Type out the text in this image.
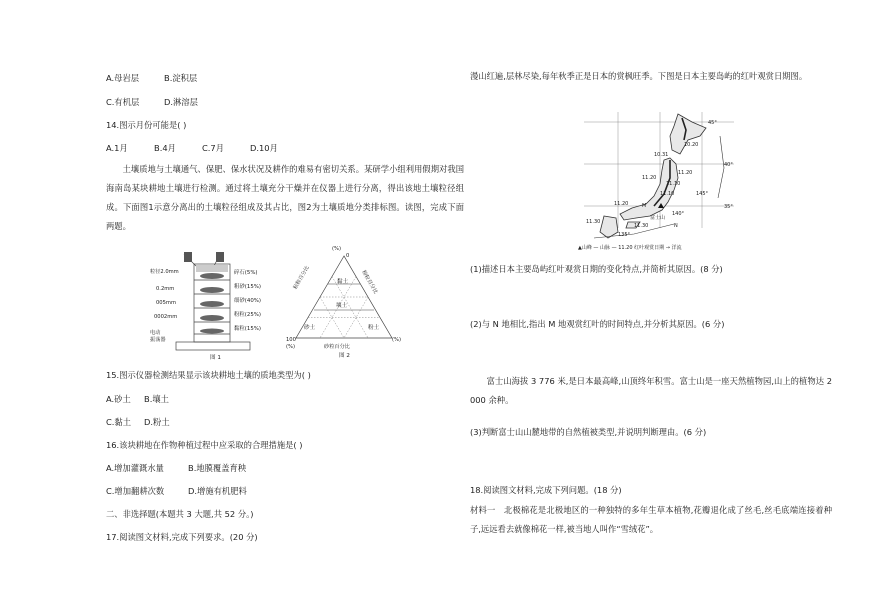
A.母岩层	B.淀积层
C.有机层	D.淋溶层
14.图示月份可能是( )
A.1月	B.4月	C.7月	D.10月
土壤质地与土壤通气、保肥、保水状况及耕作的难易有密切关系。某研学小组利用假期对我国海南岛某块耕地土壤进行检测。通过将土壤充分干燥并在仪器上进行分离，得出该地土壤粒径组成。下面图1示意分离出的土壤粒径组成及其占比，图2为土壤质地分类排标图。读图，完成下面两题。
粒径2.0mm
0.2mm
005mm
0002mm
碎石(5%)
粗砂(15%)
细砂(40%)
粉粒(25%)
黏粒(15%)
电动
振荡器
图 1
(%)
0
黏土
壤土
砂土	粉土
粘粒百分比	粉粒百分比
砂粒百分比
100
(%)
(%)
图 2
15.图示仪器检测结果显示该块耕地土壤的质地类型为( )
A.砂土 B.壤土
C.黏土 D.粉土
16.该块耕地在作物种植过程中应采取的合理措施是( )
A.增加灌溉水量	B.地膜覆盖育秧
C.增加翻耕次数	D.增施有机肥料
二、非选择题(本题共 3 大题,共 52 分。)
17.阅读图文材料,完成下列要求。(20 分)
漫山红遍,层林尽染,每年秋季正是日本的赏枫旺季。下图是日本主要岛屿的红叶观赏日期图。
45°
40°
35°
145°
140°
135°
10.20
10.31
11.20
11.20
11.20
11.10
11.30
11.30
11.10
M
N
富士山
▲山峰 — 山脉 — 11.20 红叶观赏日期 → 洋流
(1)描述日本主要岛屿红叶观赏日期的变化特点,并简析其原因。(8 分)
(2)与 N 地相比,指出 M 地观赏红叶的时间特点,并分析其原因。(6 分)
富士山海拔 3 776 米,是日本最高峰,山顶终年积雪。富士山是一座天然植物园,山上的植物达 2 000 余种。
(3)判断富士山山麓地带的自然植被类型,并说明判断理由。(6 分)
18.阅读图文材料,完成下列问题。(18 分)
材料一　北极棉花是北极地区的一种独特的多年生草本植物,花瓣退化成了丝毛,丝毛底端连接着种子,远远看去就像棉花一样,被当地人叫作“雪绒花”。
